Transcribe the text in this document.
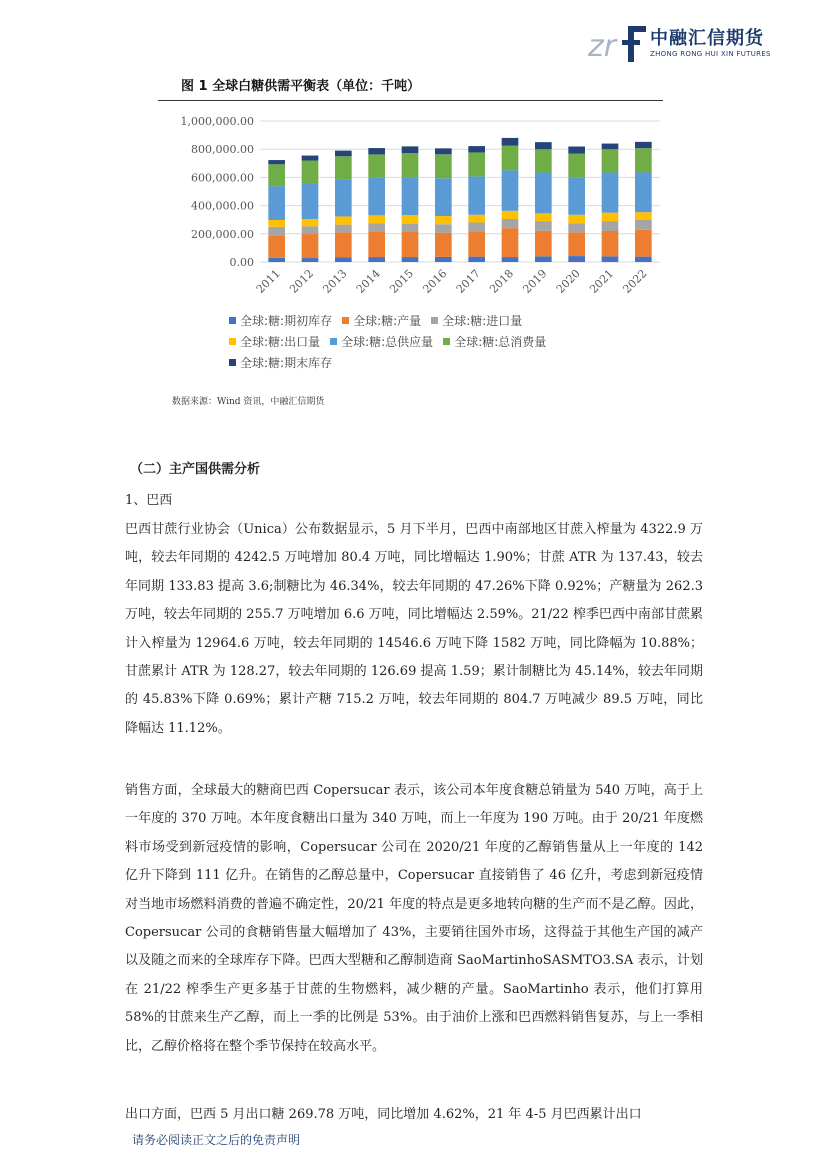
zr 中融汇信期货
ZHONG RONG HUI XIN FUTURES
图 1 全球白糖供需平衡表（单位：千吨）
1,000,000.00
800,000.00
600,000.00
400,000.00
200,000.00
0.00
2011 2012 2013 2014 2015 2016 2017 2018 2019 2020 2021 2022
全球:糖:期初库存 全球:糖:产量 全球:糖:进口量
全球:糖:出口量 全球:糖:总供应量 全球:糖:总消费量
全球:糖:期末库存
数据来源：Wind 资讯，中融汇信期货
（二）主产国供需分析
1、巴西

巴西甘蔗行业协会（Unica）公布数据显示，5 月下半月，巴西中南部地区甘蔗入榨量为 4322.9 万吨，较去年同期的 4242.5 万吨增加 80.4 万吨，同比增幅达 1.90%；甘蔗 ATR 为 137.43，较去年同期 133.83 提高 3.6;制糖比为 46.34%，较去年同期的 47.26%下降 0.92%；产糖量为 262.3 万吨，较去年同期的 255.7 万吨增加 6.6 万吨，同比增幅达 2.59%。21/22 榨季巴西中南部甘蔗累计入榨量为 12964.6 万吨，较去年同期的 14546.6 万吨下降 1582 万吨，同比降幅为 10.88%；甘蔗累计 ATR 为 128.27，较去年同期的 126.69 提高 1.59；累计制糖比为 45.14%，较去年同期的 45.83%下降 0.69%；累计产糖 715.2 万吨，较去年同期的 804.7 万吨减少 89.5 万吨，同比降幅达 11.12%。

销售方面，全球最大的糖商巴西 Copersucar 表示，该公司本年度食糖总销量为 540 万吨，高于上一年度的 370 万吨。本年度食糖出口量为 340 万吨，而上一年度为 190 万吨。由于 20/21 年度燃料市场受到新冠疫情的影响，Copersucar 公司在 2020/21 年度的乙醇销售量从上一年度的 142 亿升下降到 111 亿升。在销售的乙醇总量中，Copersucar 直接销售了 46 亿升，考虑到新冠疫情对当地市场燃料消费的普遍不确定性，20/21 年度的特点是更多地转向糖的生产而不是乙醇。因此，Copersucar 公司的食糖销售量大幅增加了 43%，主要销往国外市场，这得益于其他生产国的减产以及随之而来的全球库存下降。巴西大型糖和乙醇制造商 SaoMartinhoSASMTO3.SA 表示，计划在 21/22 榨季生产更多基于甘蔗的生物燃料，减少糖的产量。SaoMartinho 表示，他们打算用 58%的甘蔗来生产乙醇，而上一季的比例是 53%。由于油价上涨和巴西燃料销售复苏，与上一季相比，乙醇价格将在整个季节保持在较高水平。

出口方面，巴西 5 月出口糖 269.78 万吨，同比增加 4.62%，21 年 4-5 月巴西累计出口

请务必阅读正文之后的免责声明
